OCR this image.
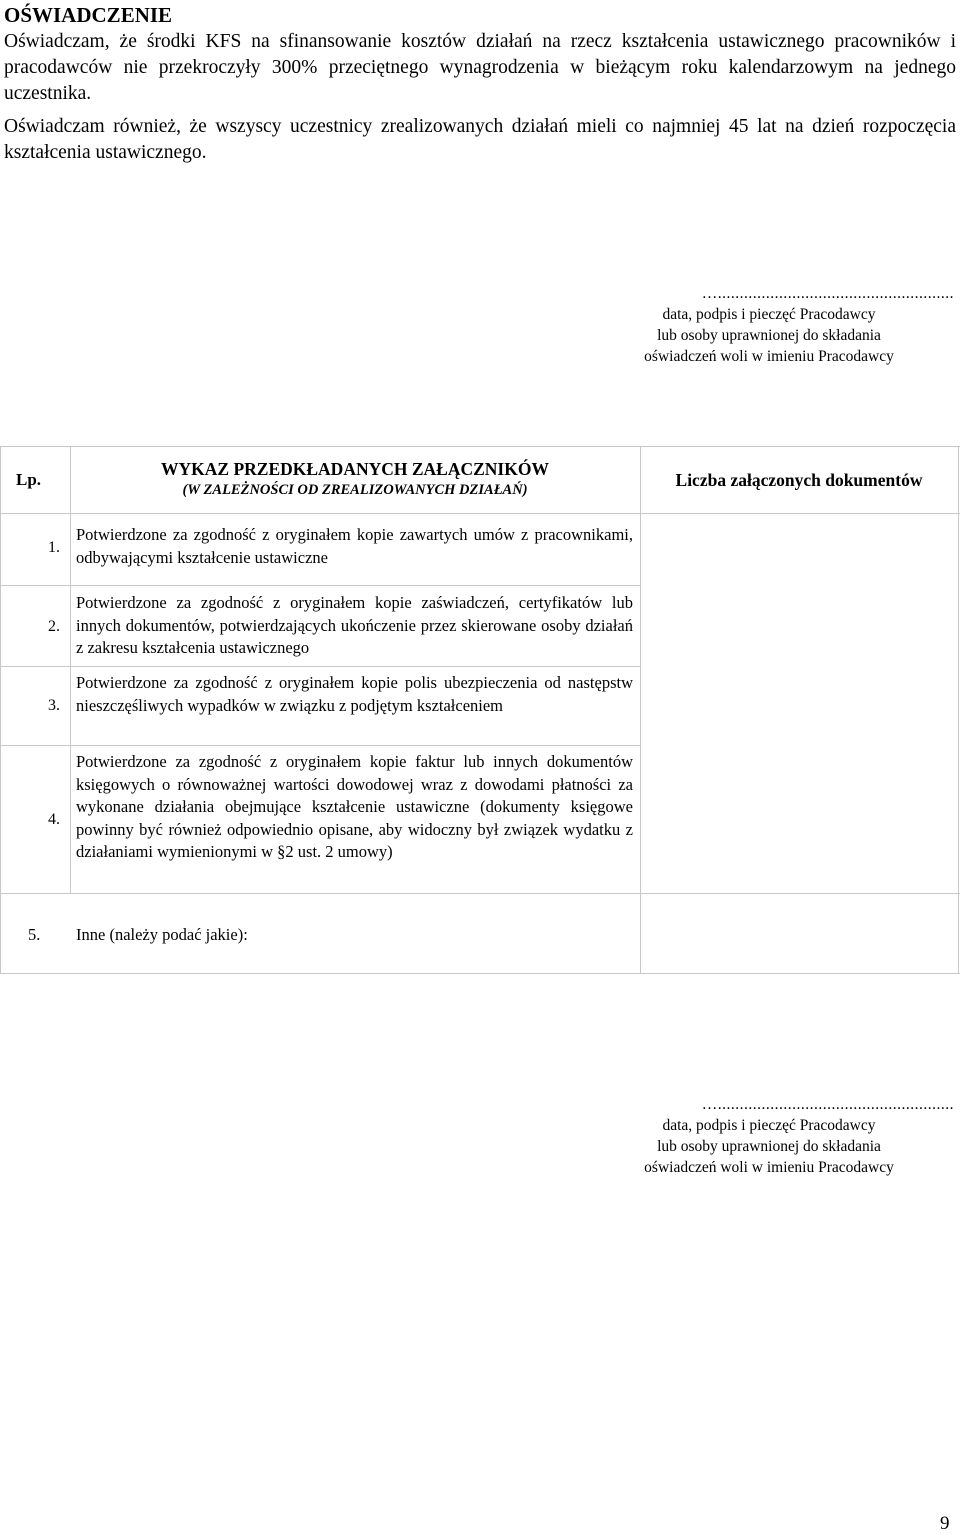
OŚWIADCZENIE
Oświadczam, że środki KFS na sfinansowanie kosztów działań na rzecz kształcenia ustawicznego pracowników i pracodawców nie przekroczyły 300% przeciętnego wynagrodzenia w bieżącym roku kalendarzowym na jednego uczestnika.
Oświadczam również, że wszyscy uczestnicy zrealizowanych działań mieli co najmniej 45 lat na dzień rozpoczęcia kształcenia ustawicznego.
…......................................................
data, podpis i pieczęć Pracodawcy
lub osoby uprawnionej do składania
oświadczeń woli w imieniu Pracodawcy
Lp.
WYKAZ PRZEDKŁADANYCH ZAŁĄCZNIKÓW
(W ZALEŻNOŚCI OD ZREALIZOWANYCH DZIAŁAŃ)	Liczba załączonych dokumentów
1.
Potwierdzone za zgodność z oryginałem kopie zawartych umów z pracownikami, odbywającymi kształcenie ustawiczne
2.
Potwierdzone za zgodność z oryginałem kopie zaświadczeń, certyfikatów lub innych dokumentów, potwierdzających ukończenie przez skierowane osoby działań z zakresu kształcenia ustawicznego
3.
Potwierdzone za zgodność z oryginałem kopie polis ubezpieczenia od następstw nieszczęśliwych wypadków w związku z podjętym kształceniem
4.
Potwierdzone za zgodność z oryginałem kopie faktur lub innych dokumentów księgowych o równoważnej wartości dowodowej wraz z dowodami płatności za wykonane działania obejmujące kształcenie ustawiczne (dokumenty księgowe powinny być również odpowiednio opisane, aby widoczny był związek wydatku z działaniami wymienionymi w §2 ust. 2 umowy)
5. Inne (należy podać jakie):
…......................................................
data, podpis i pieczęć Pracodawcy
lub osoby uprawnionej do składania
oświadczeń woli w imieniu Pracodawcy
9
